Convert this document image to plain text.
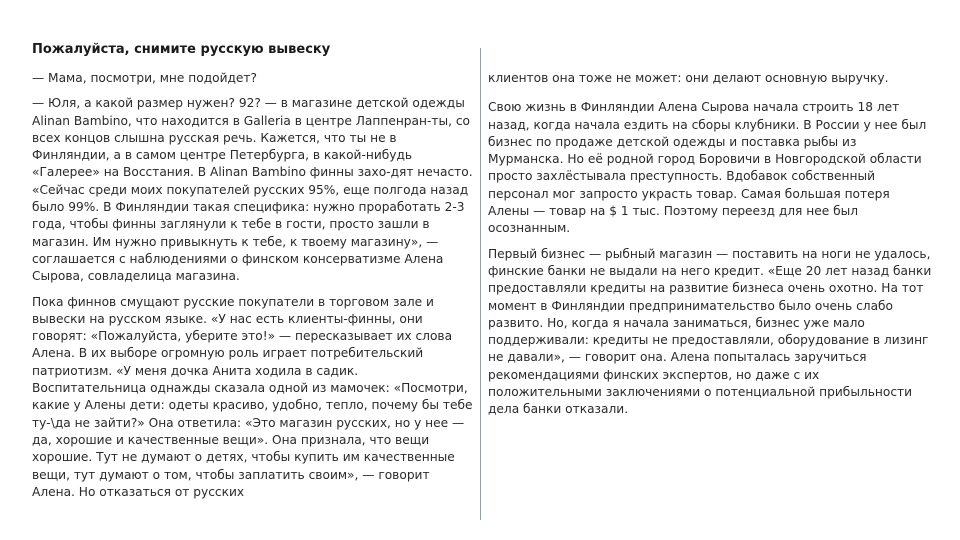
Пожалуйста, снимите русскую вывеску

— Мама, посмотри, мне подойдет?

— Юля, а какой размер нужен? 92? — в магазине детской одежды Alinan Bambino, что находится в Galleria в центре Лаппенран-ты, со всех концов слышна русская речь. Кажется, что ты не в Финляндии, а в самом центре Петербурга, в какой-нибудь «Галерее» на Восстания. В Alinan Bambino финны захо-дят нечасто. «Сейчас среди моих покупателей русских 95%, еще полгода назад было 99%. В Финляндии такая специфика: нужно проработать 2-3 года, чтобы финны заглянули к тебе в гости, просто зашли в магазин. Им нужно привыкнуть к тебе, к твоему магазину», — соглашается с наблюдениями о финском консерватизме Алена Сырова, совладелица магазина.

Пока финнов смущают русские покупатели в торговом зале и вывески на русском языке. «У нас есть клиенты-финны, они говорят: «Пожалуйста, уберите это!» — пересказывает их слова Алена. В их выборе огромную роль играет потребительский патриотизм. «У меня дочка Анита ходила в садик. Воспитательница однажды сказала одной из мамочек: «Посмотри, какие у Алены дети: одеты красиво, удобно, тепло, почему бы тебе ту-\да не зайти?» Она ответила: «Это магазин русских, но у нее — да, хорошие и качественные вещи». Она признала, что вещи хорошие. Тут не думают о детях, чтобы купить им качественные вещи, тут думают о том, чтобы заплатить своим», — говорит Алена. Но отказаться от русских

клиентов она тоже не может: они делают основную выручку.

Свою жизнь в Финляндии Алена Сырова начала строить 18 лет назад, когда начала ездить на сборы клубники. В России у нее был бизнес по продаже детской одежды и поставка рыбы из Мурманска. Но её родной город Боровичи в Новгородской области просто захлёстывала преступность. Вдобавок собственный персонал мог запросто украсть товар. Самая большая потеря Алены — товар на $ 1 тыс. Поэтому переезд для нее был осознанным.

Первый бизнес — рыбный магазин — поставить на ноги не удалось, финские банки не выдали на него кредит. «Еще 20 лет назад банки предоставляли кредиты на развитие бизнеса очень охотно. На тот момент в Финляндии предпринимательство было очень слабо развито. Но, когда я начала заниматься, бизнес уже мало поддерживали: кредиты не предоставляли, оборудование в лизинг не давали», — говорит она. Алена попыталась заручиться рекомендациями финских экспертов, но даже с их положительными заключениями о потенциальной прибыльности дела банки отказали.
